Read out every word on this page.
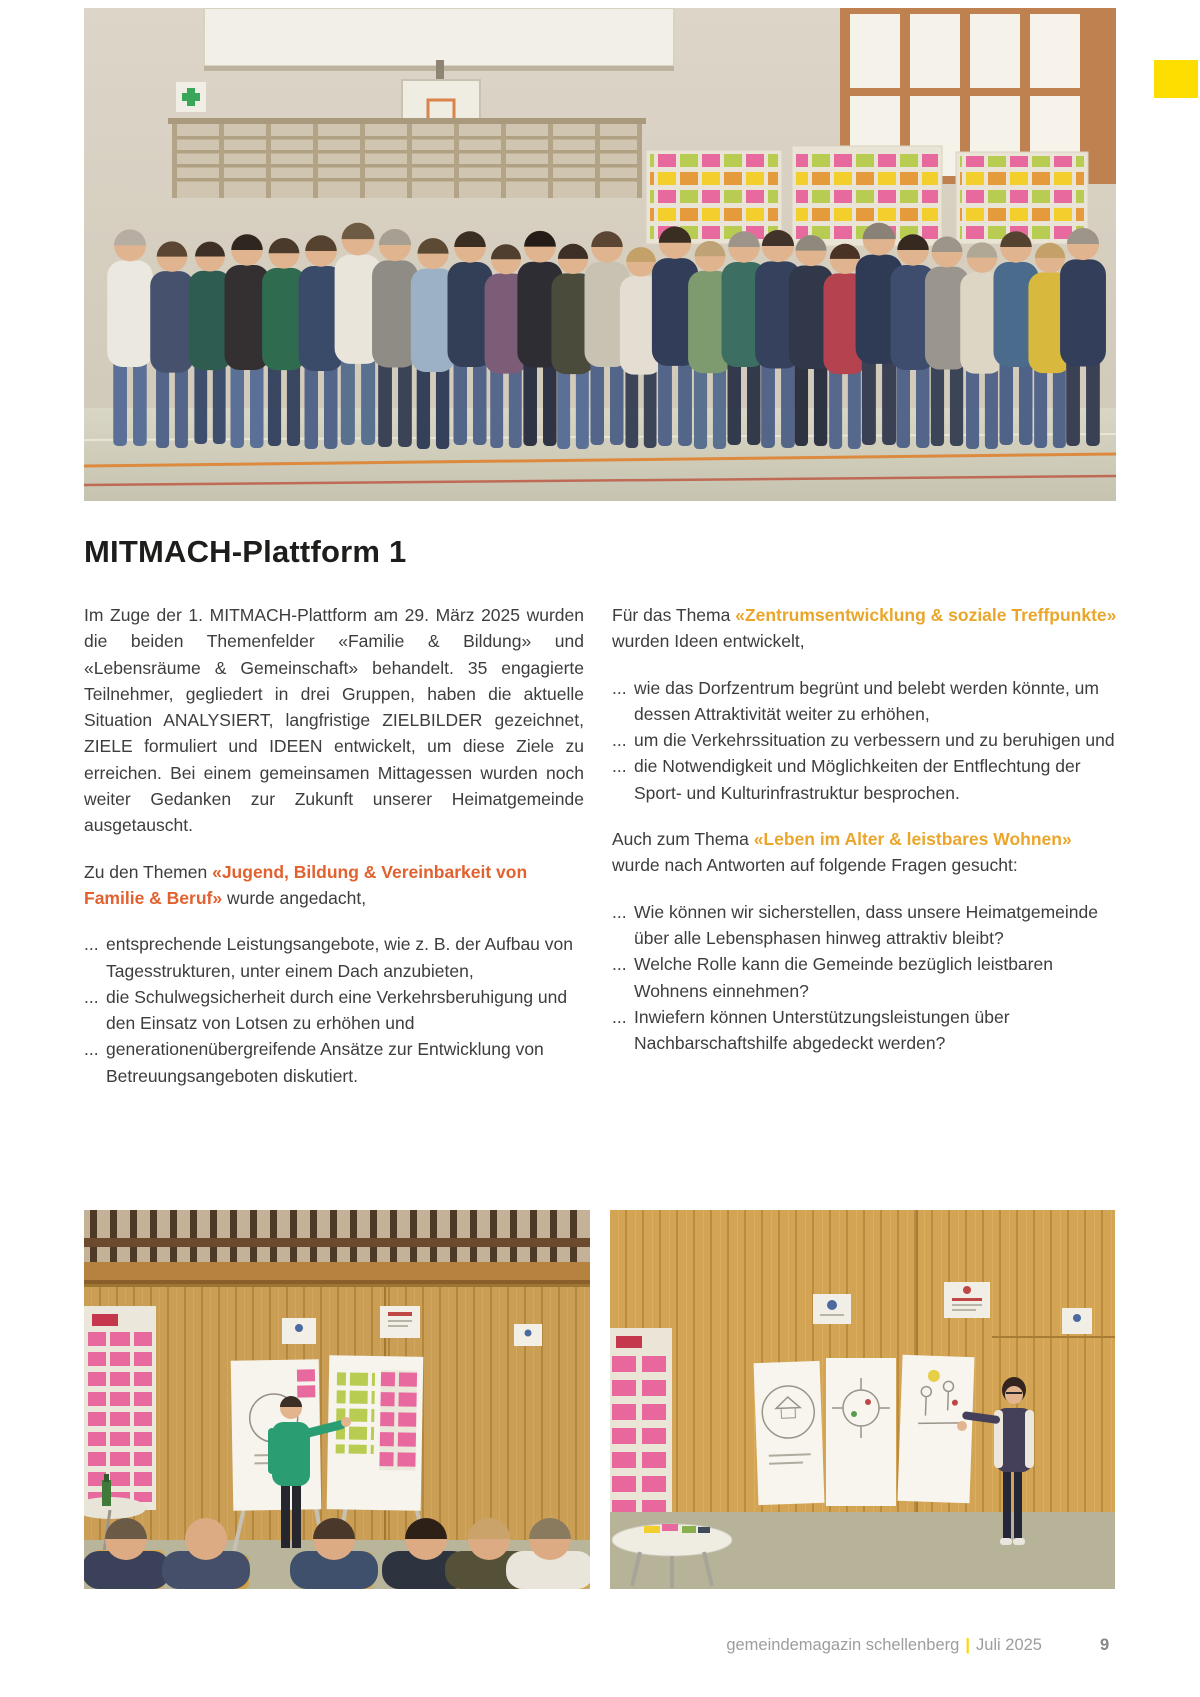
MITMACH-Plattform 1

Im Zuge der 1. MITMACH-Plattform am 29. März 2025 wurden die beiden Themenfelder «Familie & Bildung» und «Lebensräume & Gemeinschaft» behandelt. 35 engagierte Teilnehmer, gegliedert in drei Gruppen, haben die aktuelle Situation ANALYSIERT, langfristige ZIELBILDER gezeichnet, ZIELE formuliert und IDEEN entwickelt, um diese Ziele zu erreichen. Bei einem gemeinsamen Mittagessen wurden noch weiter Gedanken zur Zukunft unserer Heimatgemeinde ausgetauscht.

Zu den Themen «Jugend, Bildung & Vereinbarkeit von Familie & Beruf» wurde angedacht,

... entsprechende Leistungsangebote, wie z. B. der Aufbau von Tagesstrukturen, unter einem Dach anzubieten,
... die Schulwegsicherheit durch eine Verkehrsberuhigung und den Einsatz von Lotsen zu erhöhen und
... generationenübergreifende Ansätze zur Entwicklung von Betreuungsangeboten diskutiert.

Für das Thema «Zentrumsentwicklung & soziale Treffpunkte» wurden Ideen entwickelt,

... wie das Dorfzentrum begrünt und belebt werden könnte, um dessen Attraktivität weiter zu erhöhen,
... um die Verkehrssituation zu verbessern und zu beruhigen und
... die Notwendigkeit und Möglichkeiten der Entflechtung der Sport- und Kulturinfrastruktur besprochen.

Auch zum Thema «Leben im Alter & leistbares Wohnen» wurde nach Antworten auf folgende Fragen gesucht:

... Wie können wir sicherstellen, dass unsere Heimatgemeinde über alle Lebensphasen hinweg attraktiv bleibt?
... Welche Rolle kann die Gemeinde bezüglich leistbaren Wohnens einnehmen?
... Inwiefern können Unterstützungsleistungen über Nachbarschaftshilfe abgedeckt werden?
gemeindemagazin schellenberg | Juli 2025	9
